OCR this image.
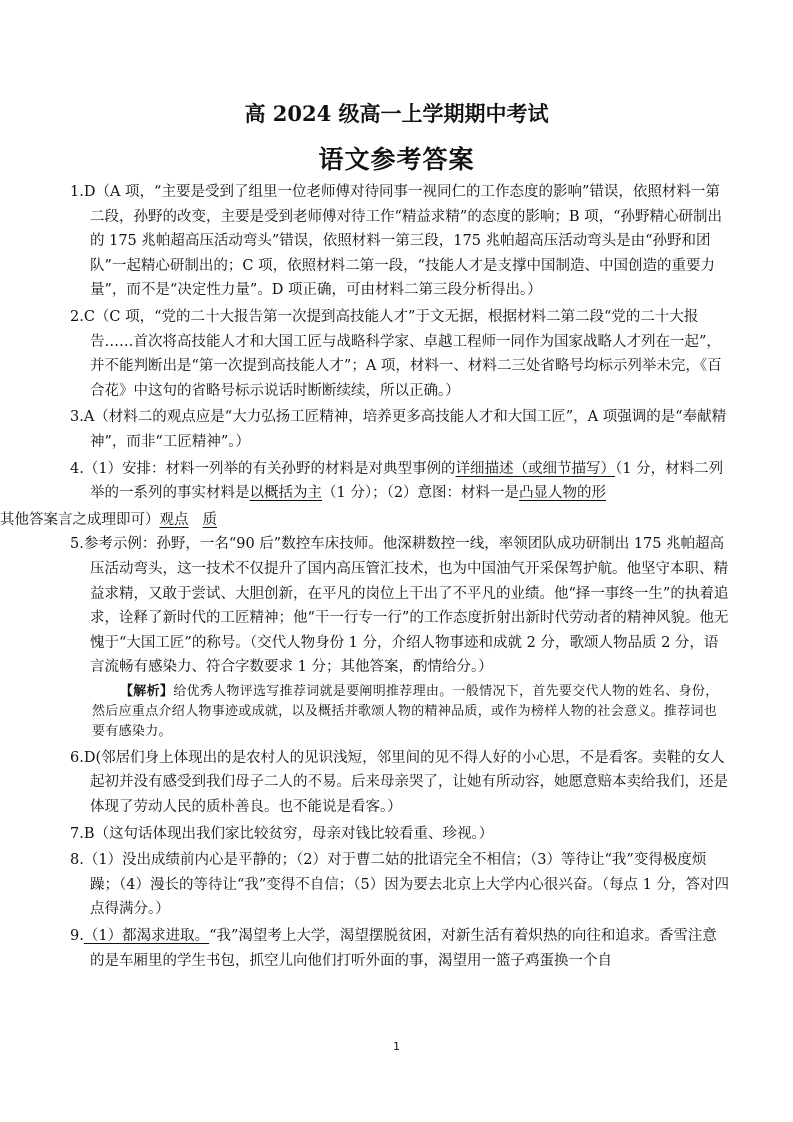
高 2024 级高一上学期期中考试
语文参考答案

1.D（A 项，“主要是受到了组里一位老师傅对待同事一视同仁的工作态度的影响”错误，依照材料一第二段，孙野的改变，主要是受到老师傅对待工作“精益求精”的态度的影响；B 项，“孙野精心研制出的 175 兆帕超高压活动弯头”错误，依照材料一第三段，175 兆帕超高压活动弯头是由“孙野和团队”一起精心研制出的；C 项，依照材料二第一段，“技能人才是支撑中国制造、中国创造的重要力量”，而不是“决定性力量”。D 项正确，可由材料二第三段分析得出。）

2.C（C 项，“党的二十大报告第一次提到高技能人才”于文无据，根据材料二第二段“党的二十大报告……首次将高技能人才和大国工匠与战略科学家、卓越工程师一同作为国家战略人才列在一起”，并不能判断出是“第一次提到高技能人才”；A 项，材料一、材料二三处省略号均标示列举未完，《百合花》中这句的省略号标示说话时断断续续，所以正确。）

3.A（材料二的观点应是“大力弘扬工匠精神，培养更多高技能人才和大国工匠”，A 项强调的是“奉献精神”，而非“工匠精神”。）

4.（1）安排：材料一列举的有关孙野的材料是对典型事例的详细描述（或细节描写）（1 分，材料二列举的一系列的事实材料是以概括为主（1 分）；（2）意图：材料一是凸显人物的形

其他答案言之成理即可）观点 质

5.参考示例：孙野，一名“90 后”数控车床技师。他深耕数控一线，率领团队成功研制出 175 兆帕超高压活动弯头，这一技术不仅提升了国内高压管汇技术，也为中国油气开采保驾护航。他坚守本职、精益求精，又敢于尝试、大胆创新，在平凡的岗位上干出了不平凡的业绩。他“择一事终一生”的执着追求，诠释了新时代的工匠精神；他“干一行专一行”的工作态度折射出新时代劳动者的精神风貌。他无愧于“大国工匠”的称号。（交代人物身份 1 分，介绍人物事迹和成就 2 分，歌颂人物品质 2 分，语言流畅有感染力、符合字数要求 1 分；其他答案，酌情给分。）

【解析】给优秀人物评选写推荐词就是要阐明推荐理由。一般情况下，首先要交代人物的姓名、身份，然后应重点介绍人物事迹或成就，以及概括并歌颂人物的精神品质，或作为榜样人物的社会意义。推荐词也要有感染力。

6.D(邻居们身上体现出的是农村人的见识浅短，邻里间的见不得人好的小心思，不是看客。卖鞋的女人起初并没有感受到我们母子二人的不易。后来母亲哭了，让她有所动容，她愿意赔本卖给我们，还是体现了劳动人民的质朴善良。也不能说是看客。）

7.B（这句话体现出我们家比较贫穷，母亲对钱比较看重、珍视。）

8.（1）没出成绩前内心是平静的；（2）对于曹二姑的批语完全不相信；（3）等待让“我”变得极度烦躁；（4）漫长的等待让“我”变得不自信；（5）因为要去北京上大学内心很兴奋。（每点 1 分，答对四点得满分。）

9.（1）都渴求进取。“我”渴望考上大学，渴望摆脱贫困，对新生活有着炽热的向往和追求。香雪注意的是车厢里的学生书包，抓空儿向他们打听外面的事，渴望用一篮子鸡蛋换一个自

1
